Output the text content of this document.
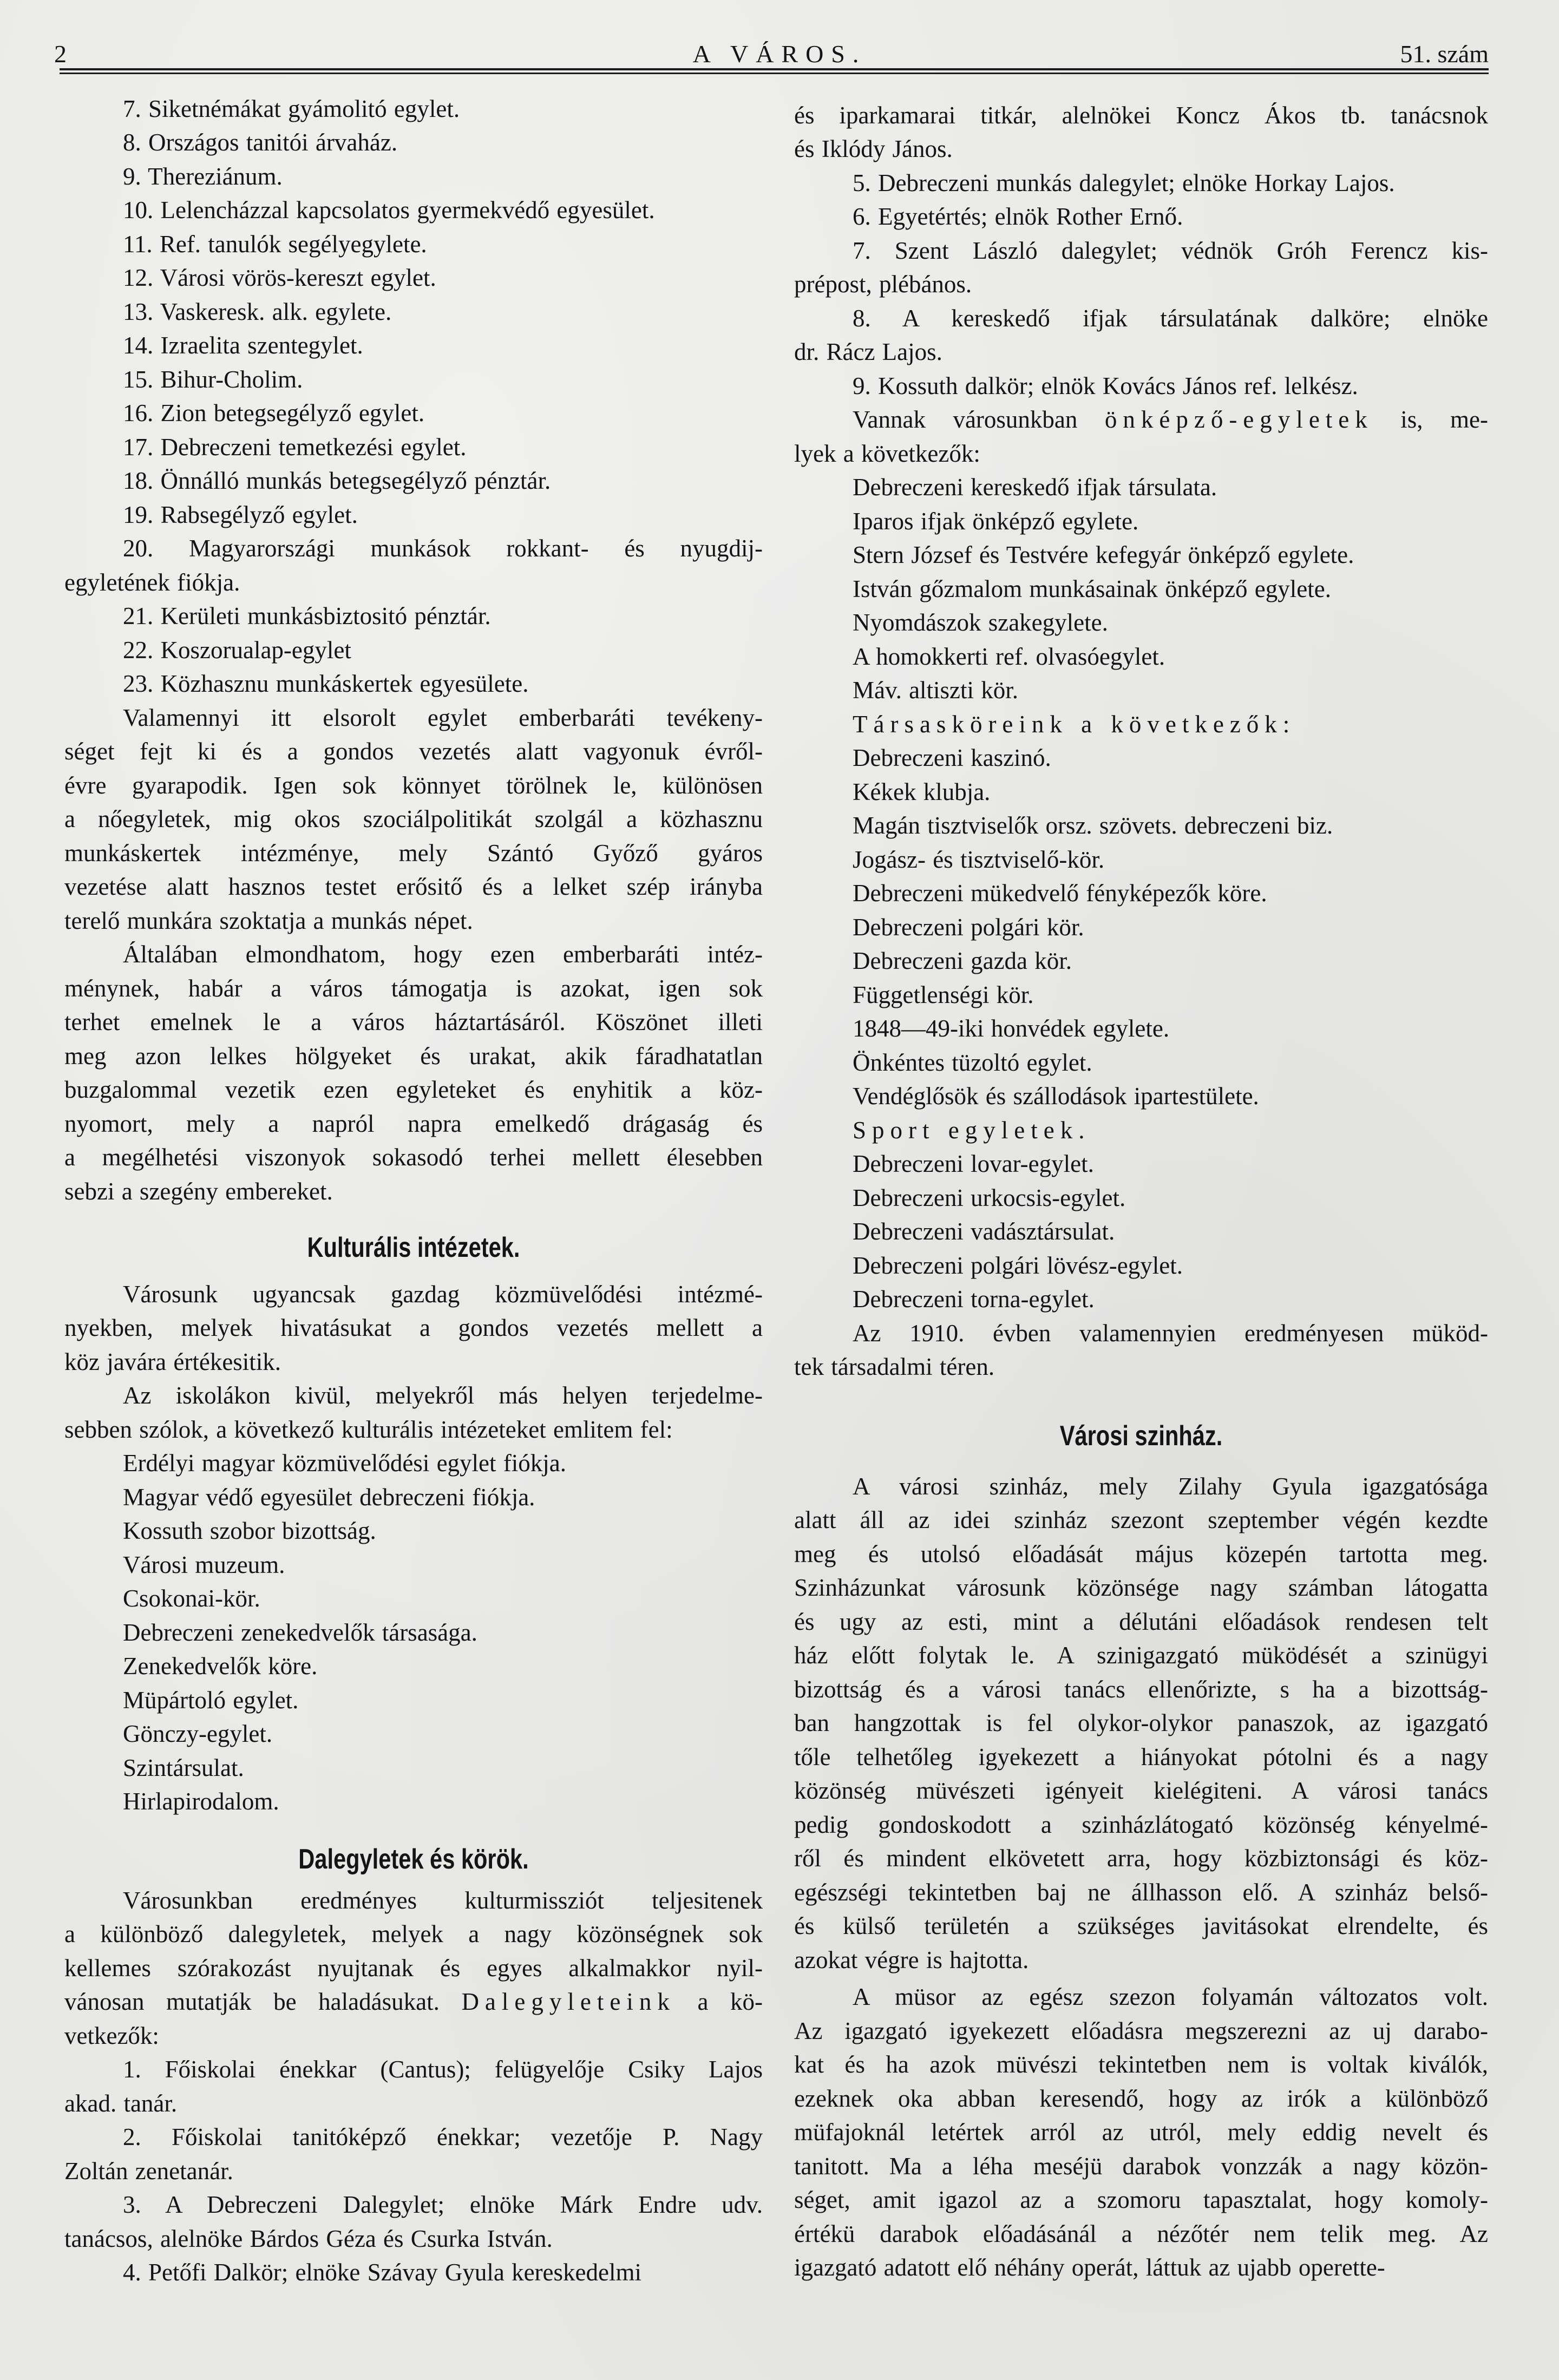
2	A VÁROS.	51. szám
7. Siketnémákat gyámolitó egylet.
8. Országos tanitói árvaház.
9. Thereziánum.
10. Lelencházzal kapcsolatos gyermekvédő egyesület.
11. Ref. tanulók segélyegylete.
12. Városi vörös-kereszt egylet.
13. Vaskeresk. alk. egylete.
14. Izraelita szentegylet.
15. Bihur-Cholim.
16. Zion betegsegélyző egylet.
17. Debreczeni temetkezési egylet.
18. Önnálló munkás betegsegélyző pénztár.
19. Rabsegélyző egylet.
20. Magyarországi munkások rokkant- és nyugdij-
egyletének fiókja.
21. Kerületi munkásbiztositó pénztár.
22. Koszorualap-egylet
23. Közhasznu munkáskertek egyesülete.
Valamennyi itt elsorolt egylet emberbaráti tevékeny-
séget fejt ki és a gondos vezetés alatt vagyonuk évről-
évre gyarapodik. Igen sok könnyet törölnek le, különösen
a nőegyletek, mig okos szociálpolitikát szolgál a közhasznu
munkáskertek intézménye, mely Szántó Győző gyáros
vezetése alatt hasznos testet erősitő és a lelket szép irányba
terelő munkára szoktatja a munkás népet.
Általában elmondhatom, hogy ezen emberbaráti intéz-
ménynek, habár a város támogatja is azokat, igen sok
terhet emelnek le a város háztartásáról. Köszönet illeti
meg azon lelkes hölgyeket és urakat, akik fáradhatatlan
buzgalommal vezetik ezen egyleteket és enyhitik a köz-
nyomort, mely a napról napra emelkedő drágaság és
a megélhetési viszonyok sokasodó terhei mellett élesebben
sebzi a szegény embereket.
Kulturális intézetek.
Városunk ugyancsak gazdag közmüvelődési intézmé-
nyekben, melyek hivatásukat a gondos vezetés mellett a
köz javára értékesitik.
Az iskolákon kivül, melyekről más helyen terjedelme-
sebben szólok, a következő kulturális intézeteket emlitem fel:
Erdélyi magyar közmüvelődési egylet fiókja.
Magyar védő egyesület debreczeni fiókja.
Kossuth szobor bizottság.
Városi muzeum.
Csokonai-kör.
Debreczeni zenekedvelők társasága.
Zenekedvelők köre.
Müpártoló egylet.
Gönczy-egylet.
Szintársulat.
Hirlapirodalom.
Dalegyletek és körök.
Városunkban eredményes kulturmissziót teljesitenek
a különböző dalegyletek, melyek a nagy közönségnek sok
kellemes szórakozást nyujtanak és egyes alkalmakkor nyil-
vánosan mutatják be haladásukat. Dalegyleteink a kö-
vetkezők:
1. Főiskolai énekkar (Cantus); felügyelője Csiky Lajos
akad. tanár.
2. Főiskolai tanitóképző énekkar; vezetője P. Nagy
Zoltán zenetanár.
3. A Debreczeni Dalegylet; elnöke Márk Endre udv.
tanácsos, alelnöke Bárdos Géza és Csurka István.
4. Petőfi Dalkör; elnöke Szávay Gyula kereskedelmi
és iparkamarai titkár, alelnökei Koncz Ákos tb. tanácsnok
és Iklódy János.
5. Debreczeni munkás dalegylet; elnöke Horkay Lajos.
6. Egyetértés; elnök Rother Ernő.
7. Szent László dalegylet; védnök Gróh Ferencz kis-
prépost, plébános.
8. A kereskedő ifjak társulatának dalköre; elnöke
dr. Rácz Lajos.
9. Kossuth dalkör; elnök Kovács János ref. lelkész.
Vannak városunkban önképző-egyletek is, me-
lyek a következők:
Debreczeni kereskedő ifjak társulata.
Iparos ifjak önképző egylete.
Stern József és Testvére kefegyár önképző egylete.
István gőzmalom munkásainak önképző egylete.
Nyomdászok szakegylete.
A homokkerti ref. olvasóegylet.
Máv. altiszti kör.
Társasköreink a következők:
Debreczeni kaszinó.
Kékek klubja.
Magán tisztviselők orsz. szövets. debreczeni biz.
Jogász- és tisztviselő-kör.
Debreczeni mükedvelő fényképezők köre.
Debreczeni polgári kör.
Debreczeni gazda kör.
Függetlenségi kör.
1848—49-iki honvédek egylete.
Önkéntes tüzoltó egylet.
Vendéglősök és szállodások ipartestülete.
Sport egyletek.
Debreczeni lovar-egylet.
Debreczeni urkocsis-egylet.
Debreczeni vadásztársulat.
Debreczeni polgári lövész-egylet.
Debreczeni torna-egylet.
Az 1910. évben valamennyien eredményesen müköd-
tek társadalmi téren.
Városi szinház.
A városi szinház, mely Zilahy Gyula igazgatósága
alatt áll az idei szinház szezont szeptember végén kezdte
meg és utolsó előadását május közepén tartotta meg.
Szinházunkat városunk közönsége nagy számban látogatta
és ugy az esti, mint a délutáni előadások rendesen telt
ház előtt folytak le. A szinigazgató müködését a szinügyi
bizottság és a városi tanács ellenőrizte, s ha a bizottság-
ban hangzottak is fel olykor-olykor panaszok, az igazgató
tőle telhetőleg igyekezett a hiányokat pótolni és a nagy
közönség müvészeti igényeit kielégiteni. A városi tanács
pedig gondoskodott a szinházlátogató közönség kényelmé-
ről és mindent elkövetett arra, hogy közbiztonsági és köz-
egészségi tekintetben baj ne állhasson elő. A szinház belső-
és külső területén a szükséges javitásokat elrendelte, és
azokat végre is hajtotta.
A müsor az egész szezon folyamán változatos volt.
Az igazgató igyekezett előadásra megszerezni az uj darabo-
kat és ha azok müvészi tekintetben nem is voltak kiválók,
ezeknek oka abban keresendő, hogy az irók a különböző
müfajoknál letértek arról az utról, mely eddig nevelt és
tanitott. Ma a léha meséjü darabok vonzzák a nagy közön-
séget, amit igazol az a szomoru tapasztalat, hogy komoly-
értékü darabok előadásánál a nézőtér nem telik meg. Az
igazgató adatott elő néhány operát, láttuk az ujabb operette-
